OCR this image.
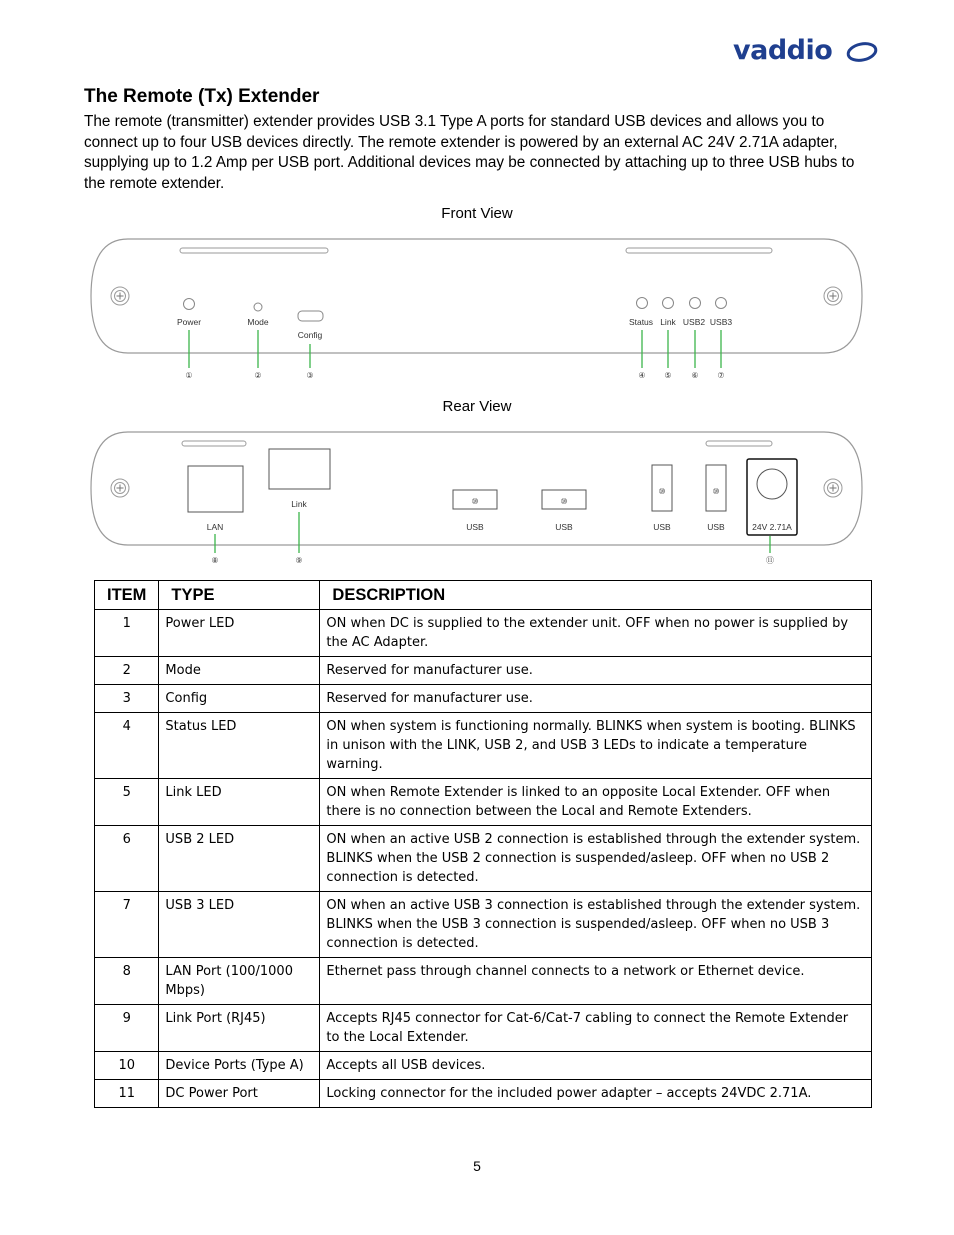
vaddio
The Remote (Tx) Extender

The remote (transmitter) extender provides USB 3.1 Type A ports for standard USB devices and allows you to connect up to four USB devices directly. The remote extender is powered by an external AC 24V 2.71A adapter, supplying up to 1.2 Amp per USB port. Additional devices may be connected by attaching up to three USB hubs to the remote extender.

Front View
Power	Mode
Config
Status Link USB2 USB3
①	②	③	④ ⑤ ⑥ ⑦
Rear View
⑩	⑩
⑩	⑩
LAN
Link
USB	USB	USB	USB	24V 2.71A
⑧	⑨	⑪
ITEM	TYPE	DESCRIPTION
1	Power LED	ON when DC is supplied to the extender unit. OFF when no power is supplied by the AC Adapter.
2	Mode	Reserved for manufacturer use.
3	Config	Reserved for manufacturer use.
4	Status LED	ON when system is functioning normally. BLINKS when system is booting. BLINKS in unison with the LINK, USB 2, and USB 3 LEDs to indicate a temperature warning.
5	Link LED	ON when Remote Extender is linked to an opposite Local Extender. OFF when there is no connection between the Local and Remote Extenders.
6	USB 2 LED	ON when an active USB 2 connection is established through the extender system. BLINKS when the USB 2 connection is suspended/asleep. OFF when no USB 2 connection is detected.
7	USB 3 LED	ON when an active USB 3 connection is established through the extender system. BLINKS when the USB 3 connection is suspended/asleep. OFF when no USB 3 connection is detected.
8	LAN Port (100/1000 Mbps)	Ethernet pass through channel connects to a network or Ethernet device.
9	Link Port (RJ45)	Accepts RJ45 connector for Cat-6/Cat-7 cabling to connect the Remote Extender to the Local Extender.
10	Device Ports (Type A)	Accepts all USB devices.
11	DC Power Port	Locking connector for the included power adapter – accepts 24VDC 2.71A.
5
